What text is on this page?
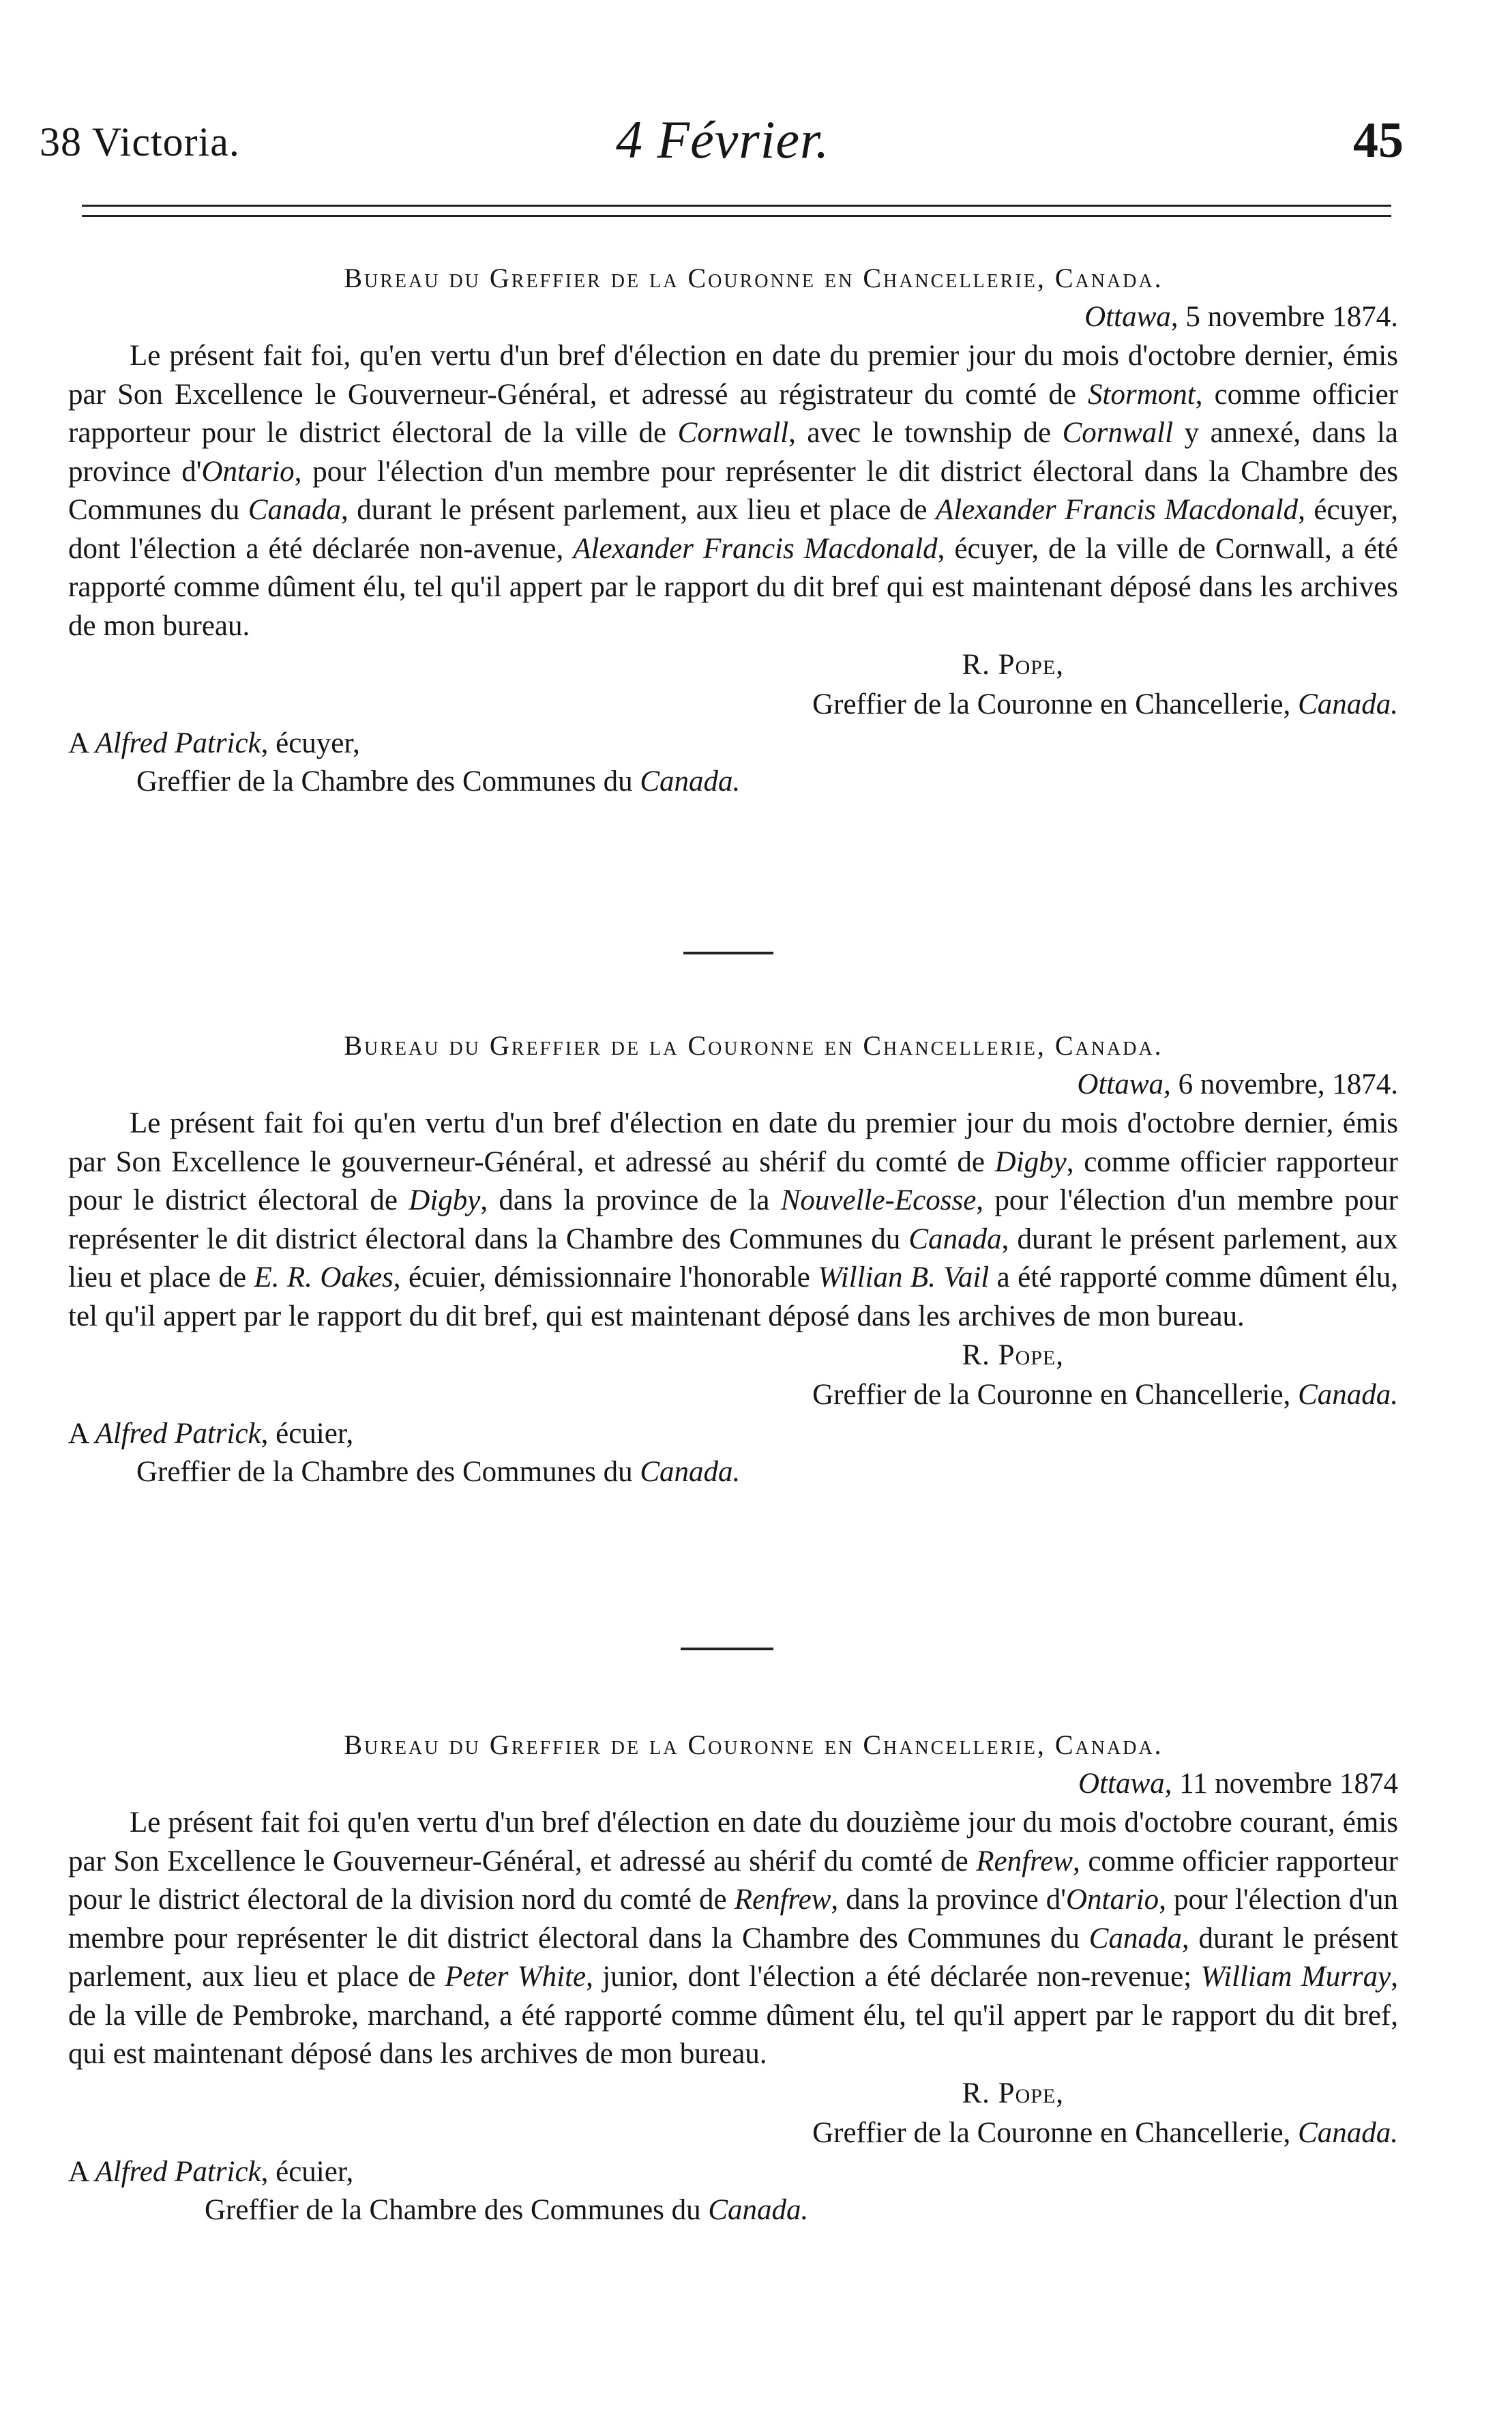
38 Victoria.	4 Février.	45
Bureau du Greffier de la Couronne en Chancellerie, Canada.
Ottawa, 5 novembre 1874.

Le présent fait foi, qu'en vertu d'un bref d'élection en date du premier jour du mois d'octobre dernier, émis par Son Excellence le Gouverneur-Général, et adressé au régistrateur du comté de Stormont, comme officier rapporteur pour le district électoral de la ville de Cornwall, avec le township de Cornwall y annexé, dans la province d'Ontario, pour l'élection d'un membre pour représenter le dit district électoral dans la Chambre des Communes du Canada, durant le présent parlement, aux lieu et place de Alexander Francis Macdonald, écuyer, dont l'élection a été déclarée non-avenue, Alexander Francis Macdonald, écuyer, de la ville de Cornwall, a été rapporté comme dûment élu, tel qu'il appert par le rapport du dit bref qui est maintenant déposé dans les archives de mon bureau.

R. Pope,
Greffier de la Couronne en Chancellerie, Canada.
A Alfred Patrick, écuyer,
Greffier de la Chambre des Communes du Canada.
Bureau du Greffier de la Couronne en Chancellerie, Canada.
Ottawa, 6 novembre, 1874.

Le présent fait foi qu'en vertu d'un bref d'élection en date du premier jour du mois d'octobre dernier, émis par Son Excellence le gouverneur-Général, et adressé au shérif du comté de Digby, comme officier rapporteur pour le district électoral de Digby, dans la province de la Nouvelle-Ecosse, pour l'élection d'un membre pour représenter le dit district électoral dans la Chambre des Communes du Canada, durant le présent parlement, aux lieu et place de E. R. Oakes, écuier, démissionnaire l'honorable Willian B. Vail a été rapporté comme dûment élu, tel qu'il appert par le rapport du dit bref, qui est maintenant déposé dans les archives de mon bureau.

R. Pope,
Greffier de la Couronne en Chancellerie, Canada.
A Alfred Patrick, écuier,
Greffier de la Chambre des Communes du Canada.
Bureau du Greffier de la Couronne en Chancellerie, Canada.
Ottawa, 11 novembre 1874

Le présent fait foi qu'en vertu d'un bref d'élection en date du douzième jour du mois d'octobre courant, émis par Son Excellence le Gouverneur-Général, et adressé au shérif du comté de Renfrew, comme officier rapporteur pour le district électoral de la division nord du comté de Renfrew, dans la province d'Ontario, pour l'élection d'un membre pour représenter le dit district électoral dans la Chambre des Communes du Canada, durant le présent parlement, aux lieu et place de Peter White, junior, dont l'élection a été déclarée non-revenue; William Murray, de la ville de Pembroke, marchand, a été rapporté comme dûment élu, tel qu'il appert par le rapport du dit bref, qui est maintenant déposé dans les archives de mon bureau.

R. Pope,
Greffier de la Couronne en Chancellerie, Canada.
A Alfred Patrick, écuier,
Greffier de la Chambre des Communes du Canada.
